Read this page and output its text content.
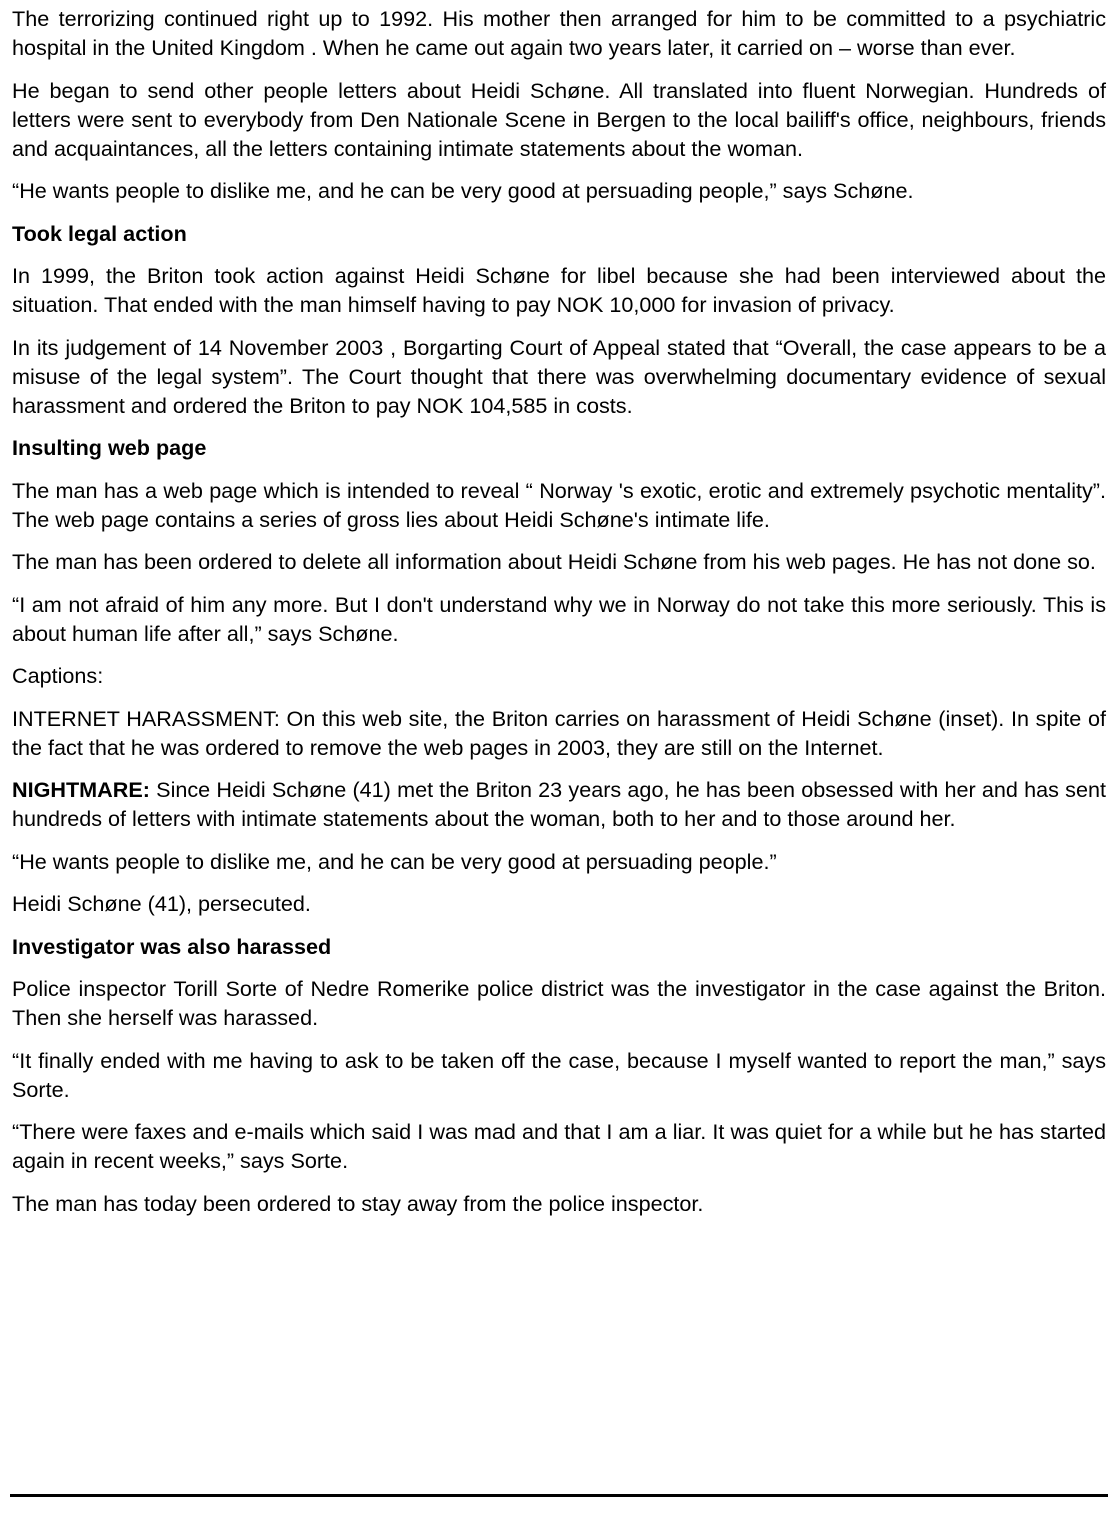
The terrorizing continued right up to 1992. His mother then arranged for him to be committed to a psychiatric hospital in the United Kingdom . When he came out again two years later, it carried on – worse than ever.

He began to send other people letters about Heidi Schøne. All translated into fluent Norwegian. Hundreds of letters were sent to everybody from Den Nationale Scene in Bergen to the local bailiff's office, neighbours, friends and acquaintances, all the letters containing intimate statements about the woman.

“He wants people to dislike me, and he can be very good at persuading people,” says Schøne.

Took legal action

In 1999, the Briton took action against Heidi Schøne for libel because she had been interviewed about the situation. That ended with the man himself having to pay NOK 10,000 for invasion of privacy.

In its judgement of 14 November 2003 , Borgarting Court of Appeal stated that “Overall, the case appears to be a misuse of the legal system”. The Court thought that there was overwhelming documentary evidence of sexual harassment and ordered the Briton to pay NOK 104,585 in costs.

Insulting web page

The man has a web page which is intended to reveal “ Norway 's exotic, erotic and extremely psychotic mentality”. The web page contains a series of gross lies about Heidi Schøne's intimate life.

The man has been ordered to delete all information about Heidi Schøne from his web pages. He has not done so.

“I am not afraid of him any more. But I don't understand why we in Norway do not take this more seriously. This is about human life after all,” says Schøne.

Captions:

INTERNET HARASSMENT: On this web site, the Briton carries on harassment of Heidi Schøne (inset). In spite of the fact that he was ordered to remove the web pages in 2003, they are still on the Internet.

NIGHTMARE: Since Heidi Schøne (41) met the Briton 23 years ago, he has been obsessed with her and has sent hundreds of letters with intimate statements about the woman, both to her and to those around her.

“He wants people to dislike me, and he can be very good at persuading people.”

Heidi Schøne (41), persecuted.

Investigator was also harassed

Police inspector Torill Sorte of Nedre Romerike police district was the investigator in the case against the Briton. Then she herself was harassed.

“It finally ended with me having to ask to be taken off the case, because I myself wanted to report the man,” says Sorte.

“There were faxes and e-mails which said I was mad and that I am a liar. It was quiet for a while but he has started again in recent weeks,” says Sorte.

The man has today been ordered to stay away from the police inspector.
